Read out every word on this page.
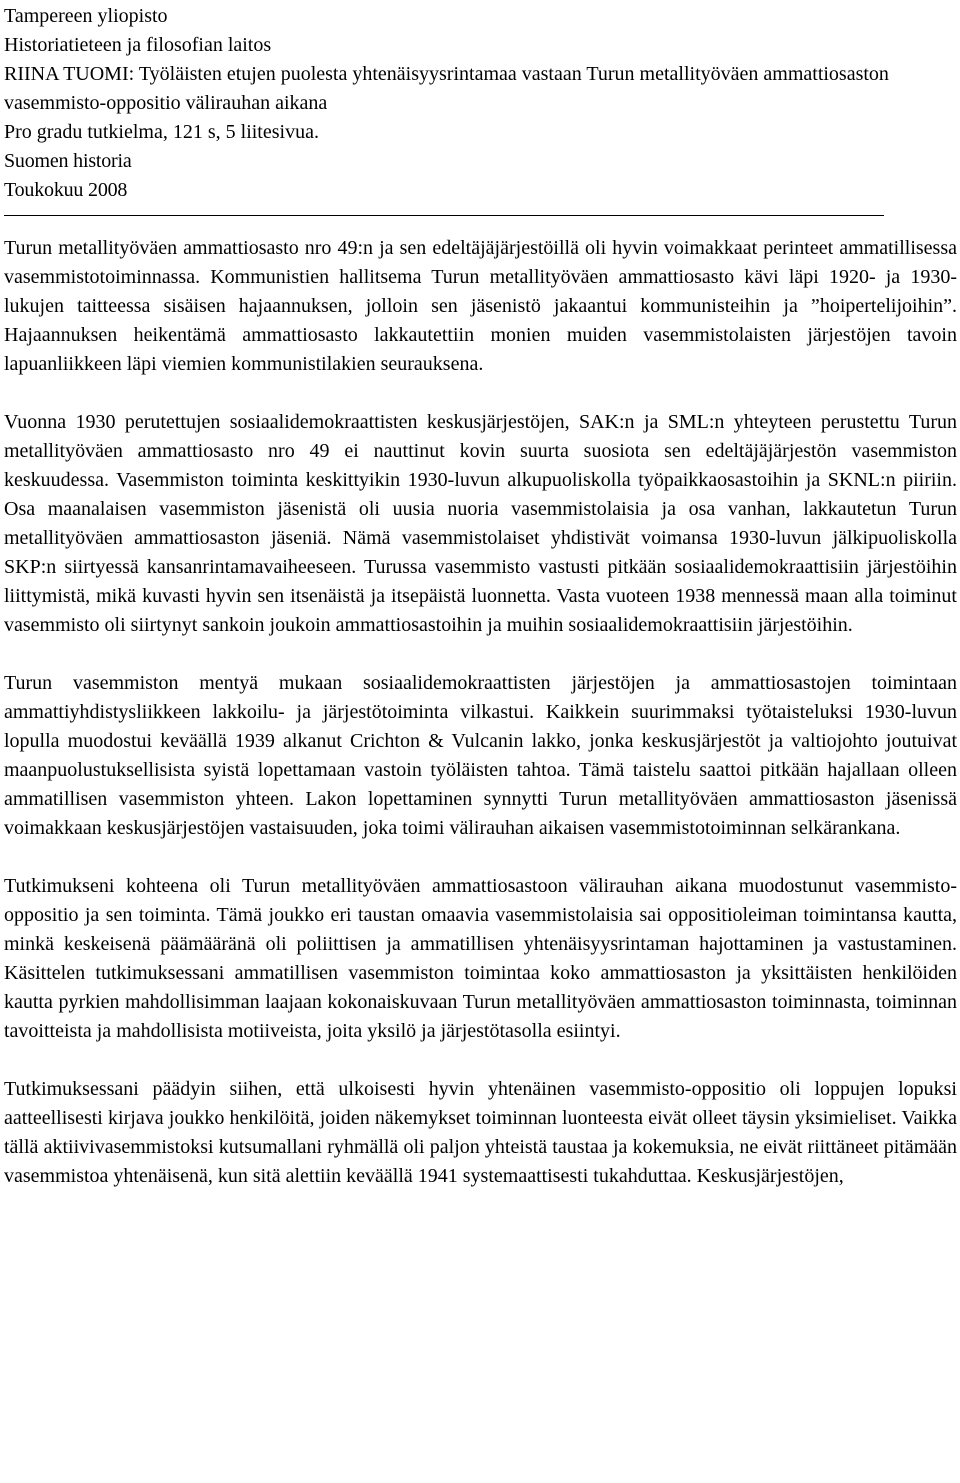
Tampereen yliopisto
Historiatieteen ja filosofian laitos
RIINA TUOMI: Työläisten etujen puolesta yhtenäisyysrintamaa vastaan Turun metallityöväen ammattiosaston vasemmisto-oppositio välirauhan aikana
Pro gradu tutkielma, 121 s, 5 liitesivua.
Suomen historia
Toukokuu 2008

Turun metallityöväen ammattiosasto nro 49:n ja sen edeltäjäjärjestöillä oli hyvin voimakkaat perinteet ammatillisessa vasemmistotoiminnassa. Kommunistien hallitsema Turun metallityöväen ammattiosasto kävi läpi 1920- ja 1930-lukujen taitteessa sisäisen hajaannuksen, jolloin sen jäsenistö jakaantui kommunisteihin ja ”hoipertelijoihin”. Hajaannuksen heikentämä ammattiosasto lakkautettiin monien muiden vasemmistolaisten järjestöjen tavoin lapuanliikkeen läpi viemien kommunistilakien seurauksena.

Vuonna 1930 perutettujen sosiaalidemokraattisten keskusjärjestöjen, SAK:n ja SML:n yhteyteen perustettu Turun metallityöväen ammattiosasto nro 49 ei nauttinut kovin suurta suosiota sen edeltäjäjärjestön vasemmiston keskuudessa. Vasemmiston toiminta keskittyikin 1930-luvun alkupuoliskolla työpaikkaosastoihin ja SKNL:n piiriin. Osa maanalaisen vasemmiston jäsenistä oli uusia nuoria vasemmistolaisia ja osa vanhan, lakkautetun Turun metallityöväen ammattiosaston jäseniä. Nämä vasemmistolaiset yhdistivät voimansa 1930-luvun jälkipuoliskolla SKP:n siirtyessä kansanrintamavaiheeseen. Turussa vasemmisto vastusti pitkään sosiaalidemokraattisiin järjestöihin liittymistä, mikä kuvasti hyvin sen itsenäistä ja itsepäistä luonnetta. Vasta vuoteen 1938 mennessä maan alla toiminut vasemmisto oli siirtynyt sankoin joukoin ammattiosastoihin ja muihin sosiaalidemokraattisiin järjestöihin.

Turun vasemmiston mentyä mukaan sosiaalidemokraattisten järjestöjen ja ammattiosastojen toimintaan ammattiyhdistysliikkeen lakkoilu- ja järjestötoiminta vilkastui. Kaikkein suurimmaksi työtaisteluksi 1930-luvun lopulla muodostui keväällä 1939 alkanut Crichton & Vulcanin lakko, jonka keskusjärjestöt ja valtiojohto joutuivat maanpuolustuksellisista syistä lopettamaan vastoin työläisten tahtoa. Tämä taistelu saattoi pitkään hajallaan olleen ammatillisen vasemmiston yhteen. Lakon lopettaminen synnytti Turun metallityöväen ammattiosaston jäsenissä voimakkaan keskusjärjestöjen vastaisuuden, joka toimi välirauhan aikaisen vasemmistotoiminnan selkärankana.

Tutkimukseni kohteena oli Turun metallityöväen ammattiosastoon välirauhan aikana muodostunut vasemmisto-oppositio ja sen toiminta. Tämä joukko eri taustan omaavia vasemmistolaisia sai oppositioleiman toimintansa kautta, minkä keskeisenä päämääränä oli poliittisen ja ammatillisen yhtenäisyysrintaman hajottaminen ja vastustaminen. Käsittelen tutkimuksessani ammatillisen vasemmiston toimintaa koko ammattiosaston ja yksittäisten henkilöiden kautta pyrkien mahdollisimman laajaan kokonaiskuvaan Turun metallityöväen ammattiosaston toiminnasta, toiminnan tavoitteista ja mahdollisista motiiveista, joita yksilö ja järjestötasolla esiintyi.

Tutkimuksessani päädyin siihen, että ulkoisesti hyvin yhtenäinen vasemmisto-oppositio oli loppujen lopuksi aatteellisesti kirjava joukko henkilöitä, joiden näkemykset toiminnan luonteesta eivät olleet täysin yksimieliset. Vaikka tällä aktiivivasemmistoksi kutsumallani ryhmällä oli paljon yhteistä taustaa ja kokemuksia, ne eivät riittäneet pitämään vasemmistoa yhtenäisenä, kun sitä alettiin keväällä 1941 systemaattisesti tukahduttaa. Keskusjärjestöjen,
